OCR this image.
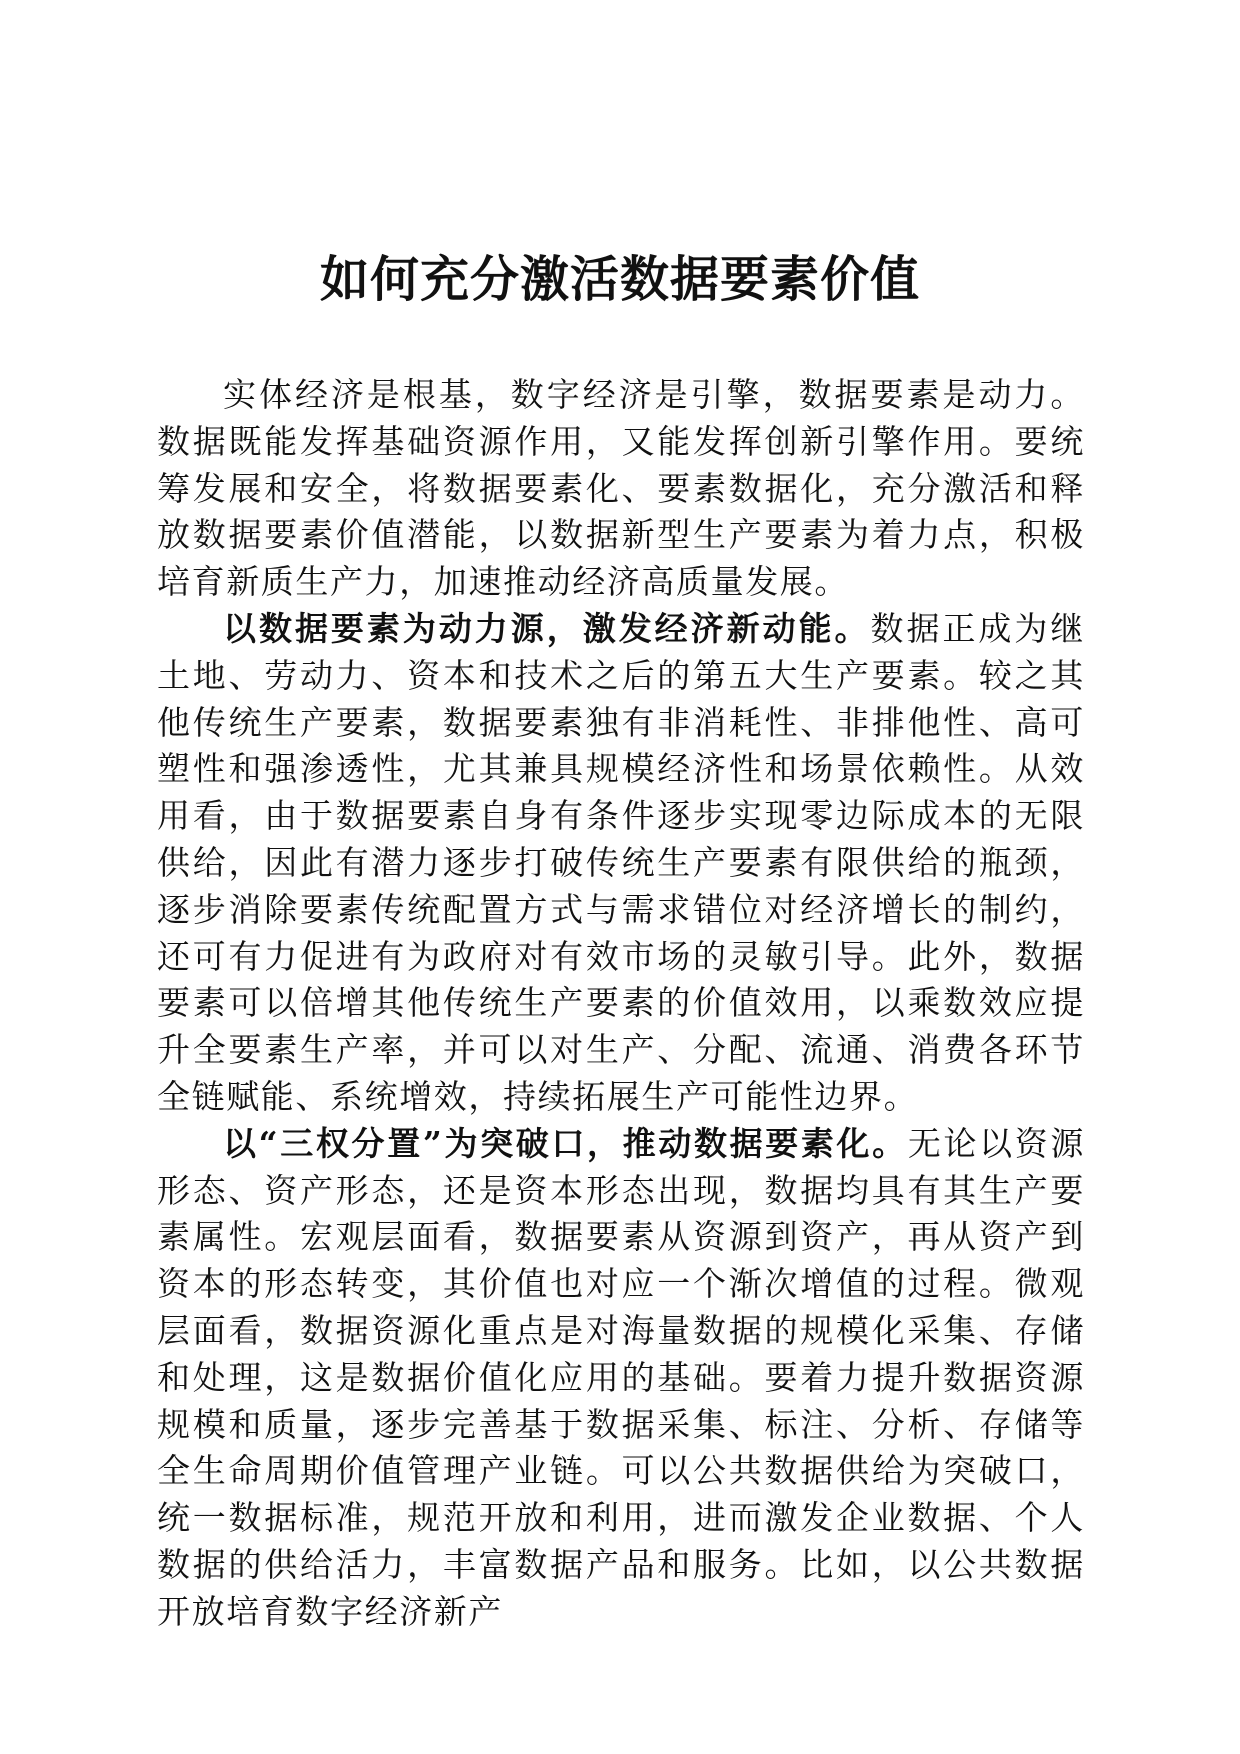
如何充分激活数据要素价值

实体经济是根基，数字经济是引擎，数据要素是动力。数据既能发挥基础资源作用，又能发挥创新引擎作用。要统筹发展和安全，将数据要素化、要素数据化，充分激活和释放数据要素价值潜能，以数据新型生产要素为着力点，积极培育新质生产力，加速推动经济高质量发展。

以数据要素为动力源，激发经济新动能。数据正成为继土地、劳动力、资本和技术之后的第五大生产要素。较之其他传统生产要素，数据要素独有非消耗性、非排他性、高可塑性和强渗透性，尤其兼具规模经济性和场景依赖性。从效用看，由于数据要素自身有条件逐步实现零边际成本的无限供给，因此有潜力逐步打破传统生产要素有限供给的瓶颈，逐步消除要素传统配置方式与需求错位对经济增长的制约，还可有力促进有为政府对有效市场的灵敏引导。此外，数据要素可以倍增其他传统生产要素的价值效用，以乘数效应提升全要素生产率，并可以对生产、分配、流通、消费各环节全链赋能、系统增效，持续拓展生产可能性边界。

以“三权分置”为突破口，推动数据要素化。无论以资源形态、资产形态，还是资本形态出现，数据均具有其生产要素属性。宏观层面看，数据要素从资源到资产，再从资产到资本的形态转变，其价值也对应一个渐次增值的过程。微观层面看，数据资源化重点是对海量数据的规模化采集、存储和处理，这是数据价值化应用的基础。要着力提升数据资源规模和质量，逐步完善基于数据采集、标注、分析、存储等全生命周期价值管理产业链。可以公共数据供给为突破口，统一数据标准，规范开放和利用，进而激发企业数据、个人数据的供给活力，丰富数据产品和服务。比如，以公共数据开放培育数字经济新产
